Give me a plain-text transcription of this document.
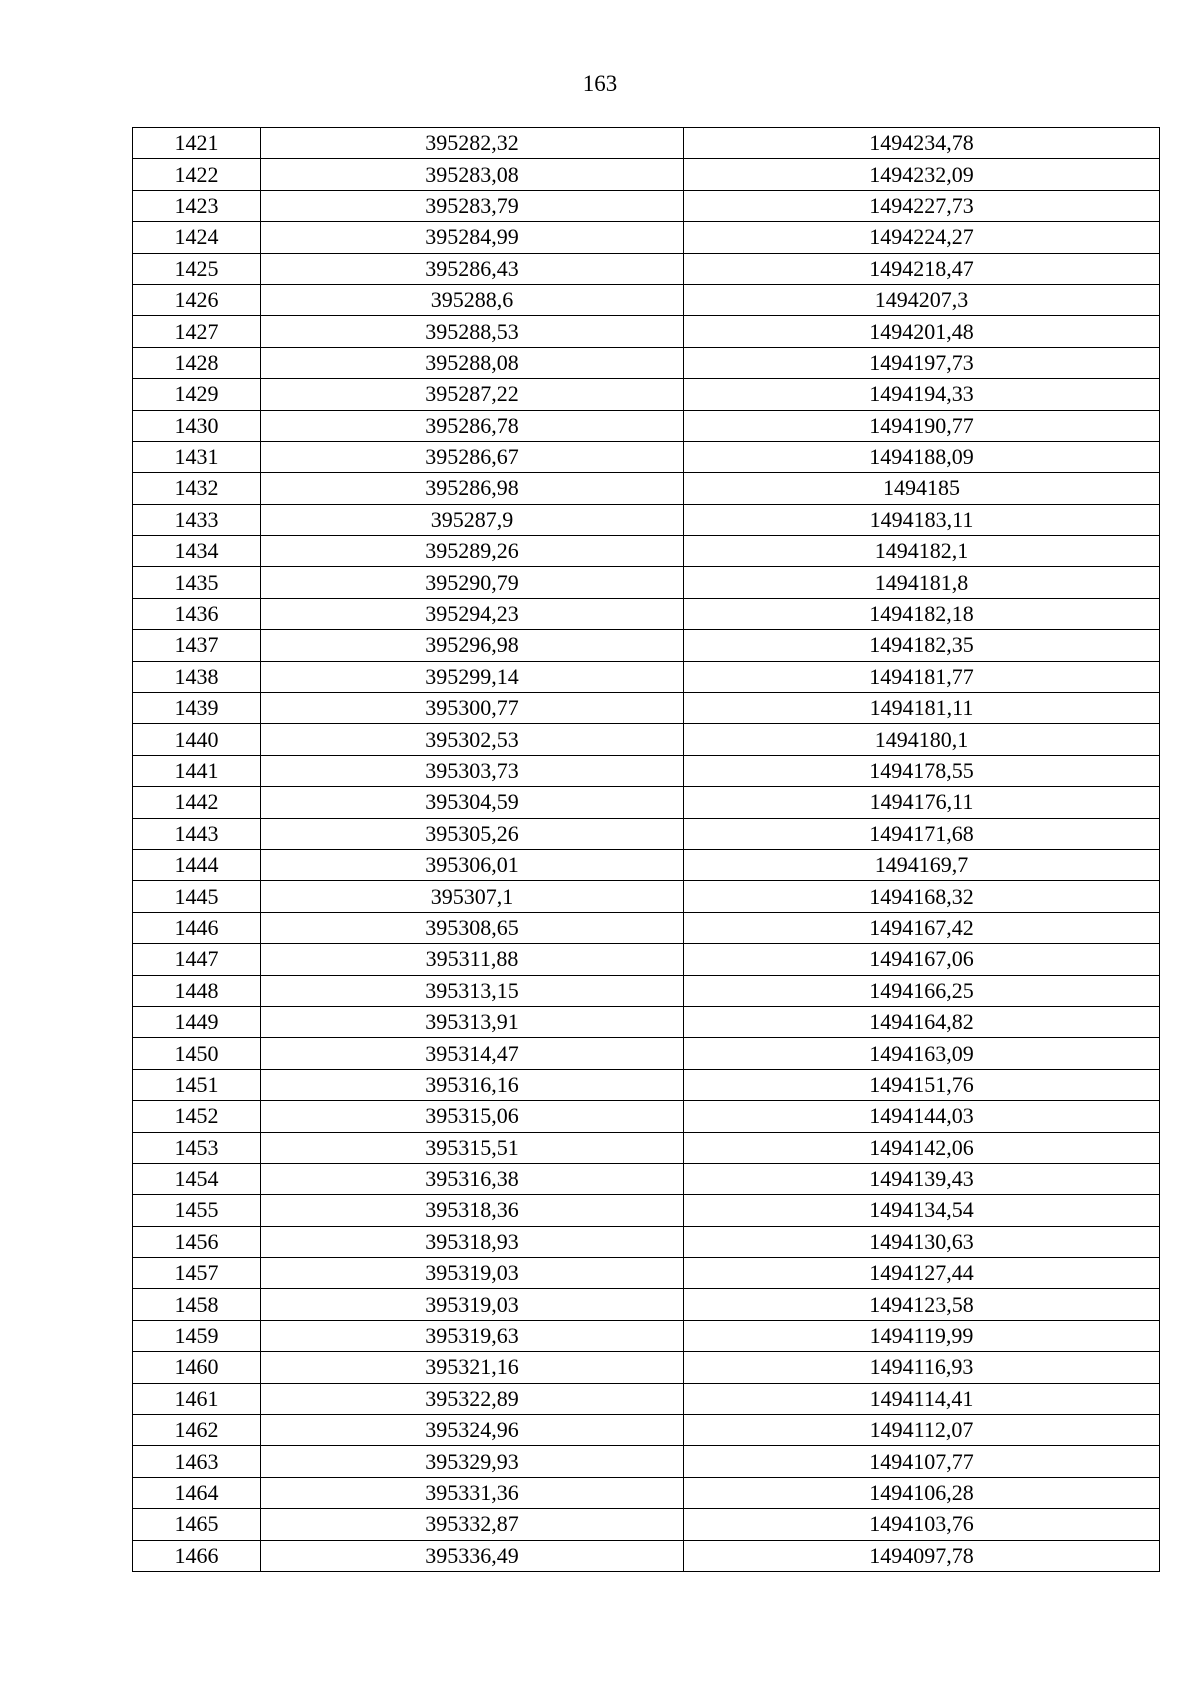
163
1421	395282,32	1494234,78
1422	395283,08	1494232,09
1423	395283,79	1494227,73
1424	395284,99	1494224,27
1425	395286,43	1494218,47
1426	395288,6	1494207,3
1427	395288,53	1494201,48
1428	395288,08	1494197,73
1429	395287,22	1494194,33
1430	395286,78	1494190,77
1431	395286,67	1494188,09
1432	395286,98	1494185
1433	395287,9	1494183,11
1434	395289,26	1494182,1
1435	395290,79	1494181,8
1436	395294,23	1494182,18
1437	395296,98	1494182,35
1438	395299,14	1494181,77
1439	395300,77	1494181,11
1440	395302,53	1494180,1
1441	395303,73	1494178,55
1442	395304,59	1494176,11
1443	395305,26	1494171,68
1444	395306,01	1494169,7
1445	395307,1	1494168,32
1446	395308,65	1494167,42
1447	395311,88	1494167,06
1448	395313,15	1494166,25
1449	395313,91	1494164,82
1450	395314,47	1494163,09
1451	395316,16	1494151,76
1452	395315,06	1494144,03
1453	395315,51	1494142,06
1454	395316,38	1494139,43
1455	395318,36	1494134,54
1456	395318,93	1494130,63
1457	395319,03	1494127,44
1458	395319,03	1494123,58
1459	395319,63	1494119,99
1460	395321,16	1494116,93
1461	395322,89	1494114,41
1462	395324,96	1494112,07
1463	395329,93	1494107,77
1464	395331,36	1494106,28
1465	395332,87	1494103,76
1466	395336,49	1494097,78
